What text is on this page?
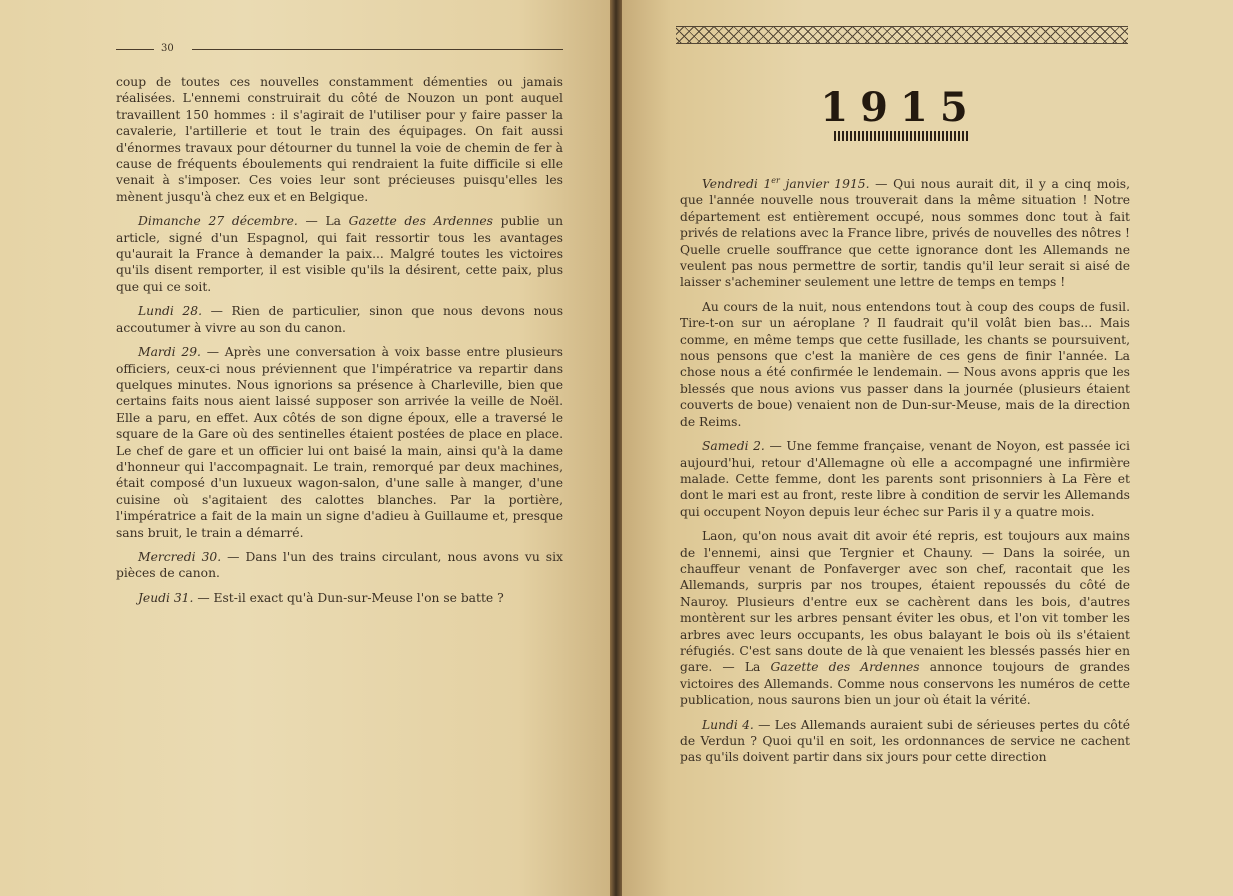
30

coup de toutes ces nouvelles constamment démenties ou jamais réalisées. L'ennemi construirait du côté de Nouzon un pont auquel travaillent 150 hommes : il s'agirait de l'utiliser pour y faire passer la cavalerie, l'artillerie et tout le train des équipages. On fait aussi d'énormes travaux pour détourner du tunnel la voie de chemin de fer à cause de fréquents éboulements qui rendraient la fuite difficile si elle venait à s'imposer. Ces voies leur sont précieuses puisqu'elles les mènent jusqu'à chez eux et en Belgique.

Dimanche 27 décembre. — La Gazette des Ardennes publie un article, signé d'un Espagnol, qui fait ressortir tous les avantages qu'aurait la France à demander la paix... Malgré toutes les victoires qu'ils disent remporter, il est visible qu'ils la désirent, cette paix, plus que qui ce soit.

Lundi 28. — Rien de particulier, sinon que nous devons nous accoutumer à vivre au son du canon.

Mardi 29. — Après une conversation à voix basse entre plusieurs officiers, ceux-ci nous préviennent que l'impératrice va repartir dans quelques minutes. Nous ignorions sa présence à Charleville, bien que certains faits nous aient laissé supposer son arrivée la veille de Noël. Elle a paru, en effet. Aux côtés de son digne époux, elle a traversé le square de la Gare où des sentinelles étaient postées de place en place. Le chef de gare et un officier lui ont baisé la main, ainsi qu'à la dame d'honneur qui l'accompagnait. Le train, remorqué par deux machines, était composé d'un luxueux wagon-salon, d'une salle à manger, d'une cuisine où s'agitaient des calottes blanches. Par la portière, l'impératrice a fait de la main un signe d'adieu à Guillaume et, presque sans bruit, le train a démarré.

Mercredi 30. — Dans l'un des trains circulant, nous avons vu six pièces de canon.

Jeudi 31. — Est-il exact qu'à Dun-sur-Meuse l'on se batte ?

1915

Vendredi 1er janvier 1915. — Qui nous aurait dit, il y a cinq mois, que l'année nouvelle nous trouverait dans la même situation ! Notre département est entièrement occupé, nous sommes donc tout à fait privés de relations avec la France libre, privés de nouvelles des nôtres ! Quelle cruelle souffrance que cette ignorance dont les Allemands ne veulent pas nous permettre de sortir, tandis qu'il leur serait si aisé de laisser s'acheminer seulement une lettre de temps en temps !

Au cours de la nuit, nous entendons tout à coup des coups de fusil. Tire-t-on sur un aéroplane ? Il faudrait qu'il volât bien bas... Mais comme, en même temps que cette fusillade, les chants se poursuivent, nous pensons que c'est la manière de ces gens de finir l'année. La chose nous a été confirmée le lendemain. — Nous avons appris que les blessés que nous avions vus passer dans la journée (plusieurs étaient couverts de boue) venaient non de Dun-sur-Meuse, mais de la direction de Reims.

Samedi 2. — Une femme française, venant de Noyon, est passée ici aujourd'hui, retour d'Allemagne où elle a accompagné une infirmière malade. Cette femme, dont les parents sont prisonniers à La Fère et dont le mari est au front, reste libre à condition de servir les Allemands qui occupent Noyon depuis leur échec sur Paris il y a quatre mois.

Laon, qu'on nous avait dit avoir été repris, est toujours aux mains de l'ennemi, ainsi que Tergnier et Chauny. — Dans la soirée, un chauffeur venant de Ponfaverger avec son chef, racontait que les Allemands, surpris par nos troupes, étaient repoussés du côté de Nauroy. Plusieurs d'entre eux se cachèrent dans les bois, d'autres montèrent sur les arbres pensant éviter les obus, et l'on vit tomber les arbres avec leurs occupants, les obus balayant le bois où ils s'étaient réfugiés. C'est sans doute de là que venaient les blessés passés hier en gare. — La Gazette des Ardennes annonce toujours de grandes victoires des Allemands. Comme nous conservons les numéros de cette publication, nous saurons bien un jour où était la vérité.

Lundi 4. — Les Allemands auraient subi de sérieuses pertes du côté de Verdun ? Quoi qu'il en soit, les ordonnances de service ne cachent pas qu'ils doivent partir dans six jours pour cette direction
